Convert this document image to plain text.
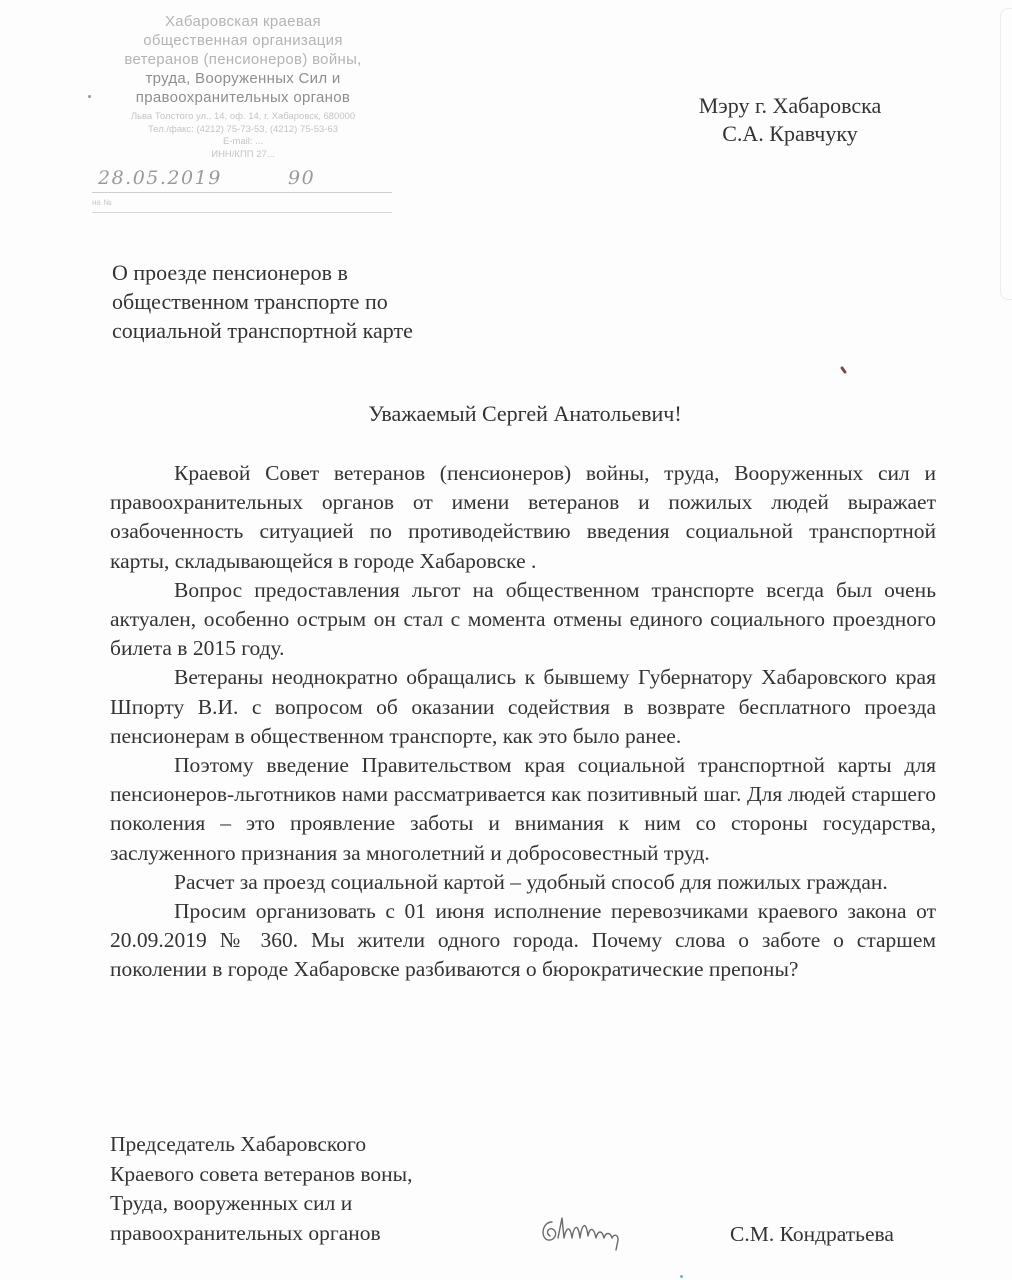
Хабаровская краевая
общественная организация
ветеранов (пенсионеров) войны,
труда, Вооруженных Сил и
правоохранительных органов
Льва Толстого ул., 14, оф. 14, г. Хабаровск, 680000
Тел./факс: (4212) 75-73-53, (4212) 75-53-63
E-mail: ...
ИНН/КПП 27...
28.05.2019	90
на №
Мэру г. Хабаровска
С.А. Кравчуку
О проезде пенсионеров в
общественном транспорте по
социальной транспортной карте
Уважаемый Сергей Анатольевич!

Краевой Совет ветеранов (пенсионеров) войны, труда, Вооруженных сил и правоохранительных органов от имени ветеранов и пожилых людей выражает озабоченность ситуацией по противодействию введения социальной транспортной карты, складывающейся в городе Хабаровске .

Вопрос предоставления льгот на общественном транспорте всегда был очень актуален, особенно острым он стал с момента отмены единого социального проездного билета в 2015 году.

Ветераны неоднократно обращались к бывшему Губернатору Хабаровского края Шпорту В.И. с вопросом об оказании содействия в возврате бесплатного проезда пенсионерам в общественном транспорте, как это было ранее.

Поэтому введение Правительством края социальной транспортной карты для пенсионеров-льготников нами рассматривается как позитивный шаг. Для людей старшего поколения – это проявление заботы и внимания к ним со стороны государства, заслуженного признания за многолетний и добросовестный труд.

Расчет за проезд социальной картой – удобный способ для пожилых граждан.

Просим организовать с 01 июня исполнение перевозчиками краевого закона от 20.09.2019 № 360. Мы жители одного города. Почему слова о заботе о старшем поколении в городе Хабаровске разбиваются о бюрократические препоны?

Председатель Хабаровского
Краевого совета ветеранов воны,
Труда, вооруженных сил и
правоохранительных органов	С.М. Кондратьева
